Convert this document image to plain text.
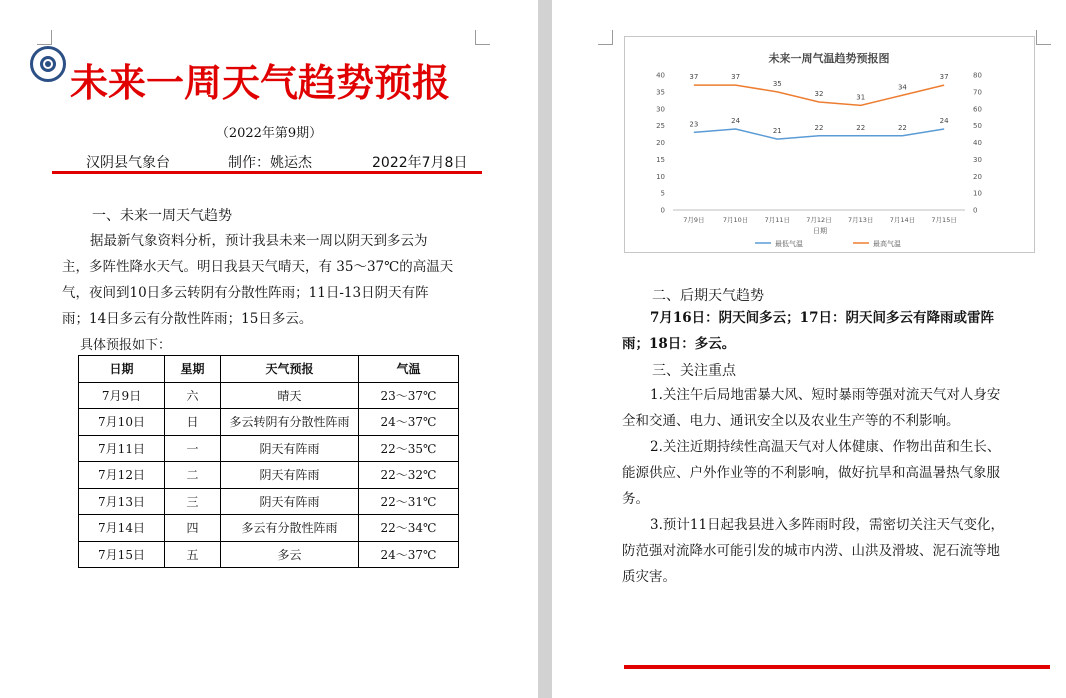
未来一周天气趋势预报
（2022年第9期）
汉阴县气象台	制作：姚运杰	2022年7月8日
一、未来一周天气趋势
据最新气象资料分析，预计我县未来一周以阴天到多云为
主，多阵性降水天气。明日我县天气晴天，有 35～37℃的高温天
气，夜间到10日多云转阴有分散性阵雨；11日-13日阴天有阵
雨；14日多云有分散性阵雨；15日多云。
具体预报如下：
日期	星期	天气预报	气温
7月9日	六	晴天	23～37℃
7月10日	日	多云转阴有分散性阵雨	24～37℃
7月11日	一	阴天有阵雨	22～35℃
7月12日	二	阴天有阵雨	22～32℃
7月13日	三	阴天有阵雨	22～31℃
7月14日	四	多云有分散性阵雨	22～34℃
7月15日	五	多云	24～37℃
未来一周气温趋势预报图
日期
最低气温	最高气温
0
5
10
15
20
25
30
35
40
0
10
20
30
40
50
60
70
80
7月9日	7月10日	7月11日	7月12日	7月13日	7月14日	7月15日
23	24
21	22	22	22
24
37	37
35
32	31
34
37
二、后期天气趋势
7月16日：阴天间多云；17日：阴天间多云有降雨或雷阵
雨；18日：多云。
三、关注重点
1.关注午后局地雷暴大风、短时暴雨等强对流天气对人身安
全和交通、电力、通讯安全以及农业生产等的不利影响。
2.关注近期持续性高温天气对人体健康、作物出苗和生长、
能源供应、户外作业等的不利影响，做好抗旱和高温暑热气象服
务。
3.预计11日起我县进入多阵雨时段，需密切关注天气变化，
防范强对流降水可能引发的城市内涝、山洪及滑坡、泥石流等地
质灾害。
